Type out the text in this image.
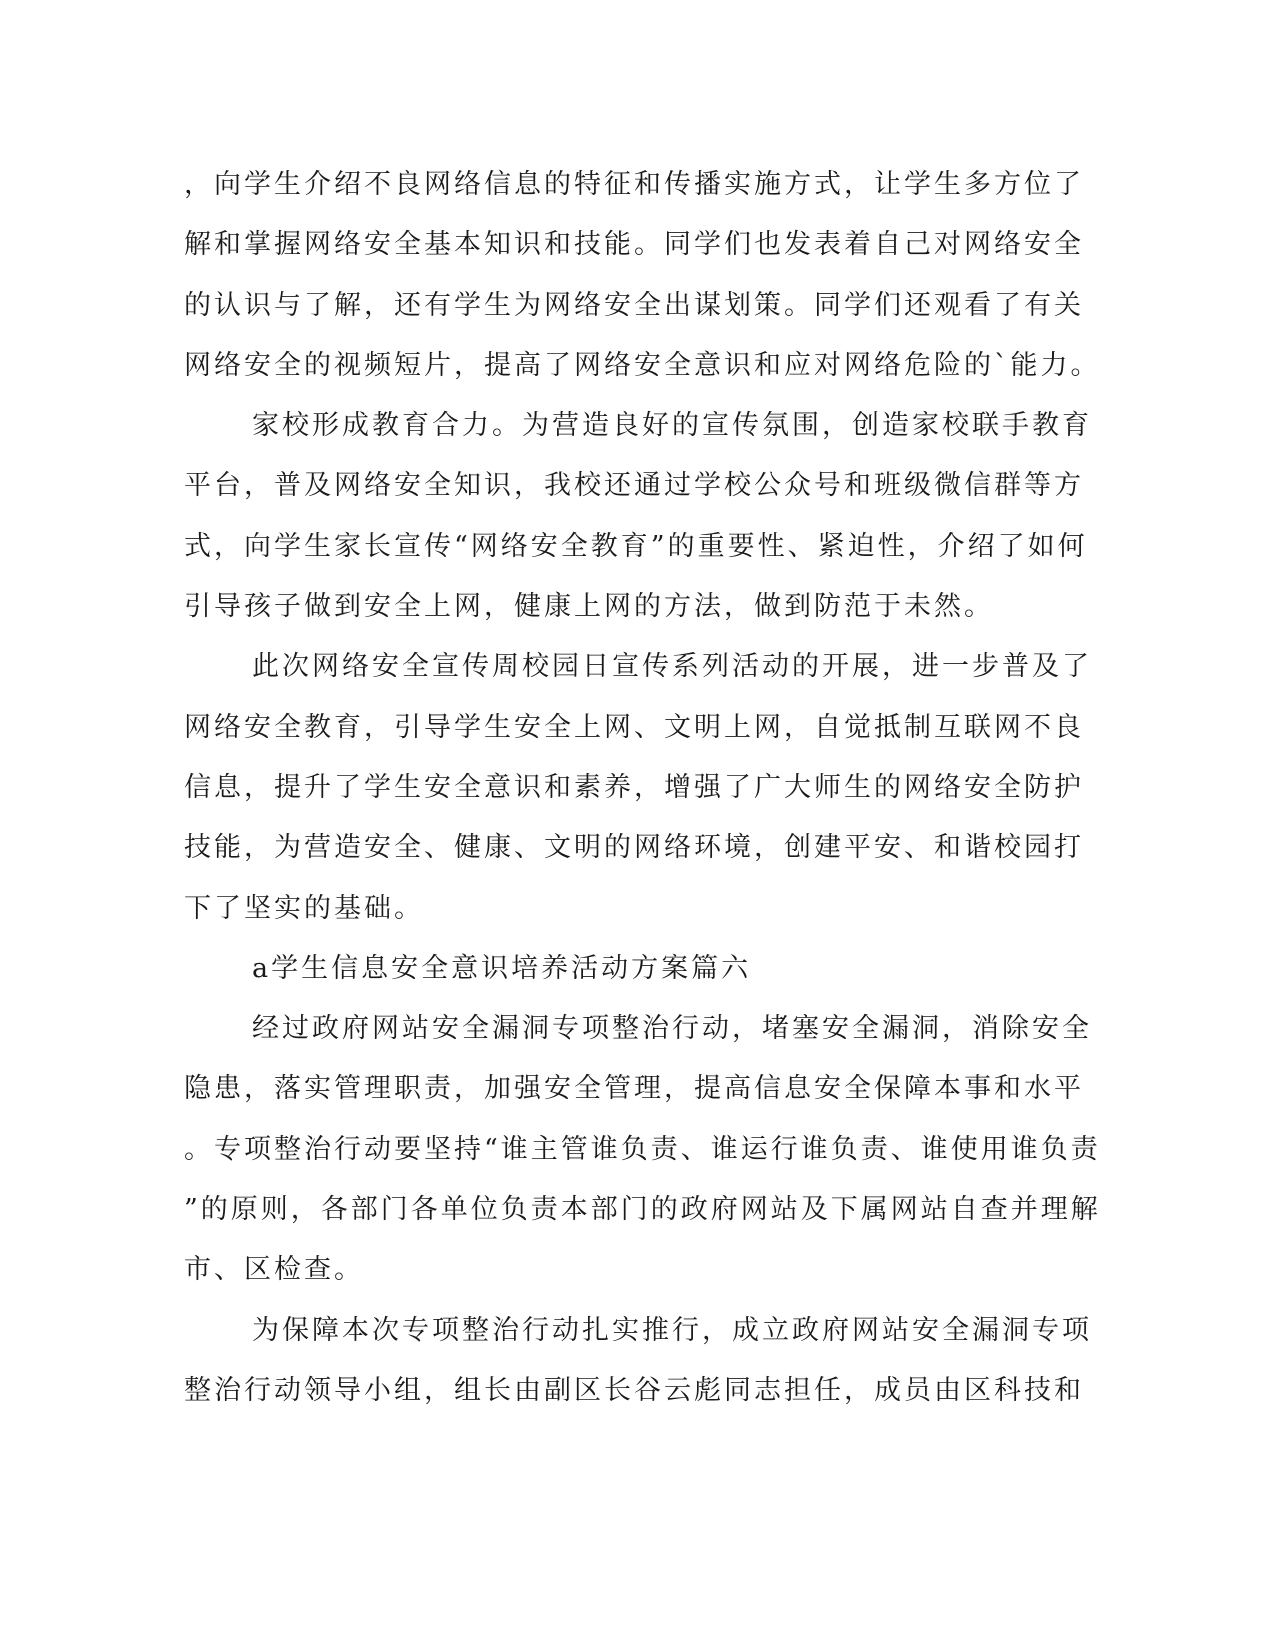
，向学生介绍不良网络信息的特征和传播实施方式，让学生多方位了
解和掌握网络安全基本知识和技能。同学们也发表着自己对网络安全
的认识与了解，还有学生为网络安全出谋划策。同学们还观看了有关
网络安全的视频短片，提高了网络安全意识和应对网络危险的`能力。
家校形成教育合力。为营造良好的宣传氛围，创造家校联手教育
平台，普及网络安全知识，我校还通过学校公众号和班级微信群等方
式，向学生家长宣传“网络安全教育”的重要性、紧迫性，介绍了如何
引导孩子做到安全上网，健康上网的方法，做到防范于未然。
此次网络安全宣传周校园日宣传系列活动的开展，进一步普及了
网络安全教育，引导学生安全上网、文明上网，自觉抵制互联网不良
信息，提升了学生安全意识和素养，增强了广大师生的网络安全防护
技能，为营造安全、健康、文明的网络环境，创建平安、和谐校园打
下了坚实的基础。
a学生信息安全意识培养活动方案篇六
经过政府网站安全漏洞专项整治行动，堵塞安全漏洞，消除安全
隐患，落实管理职责，加强安全管理，提高信息安全保障本事和水平
。专项整治行动要坚持“谁主管谁负责、谁运行谁负责、谁使用谁负责
”的原则，各部门各单位负责本部门的政府网站及下属网站自查并理解
市、区检查。
为保障本次专项整治行动扎实推行，成立政府网站安全漏洞专项
整治行动领导小组，组长由副区长谷云彪同志担任，成员由区科技和
